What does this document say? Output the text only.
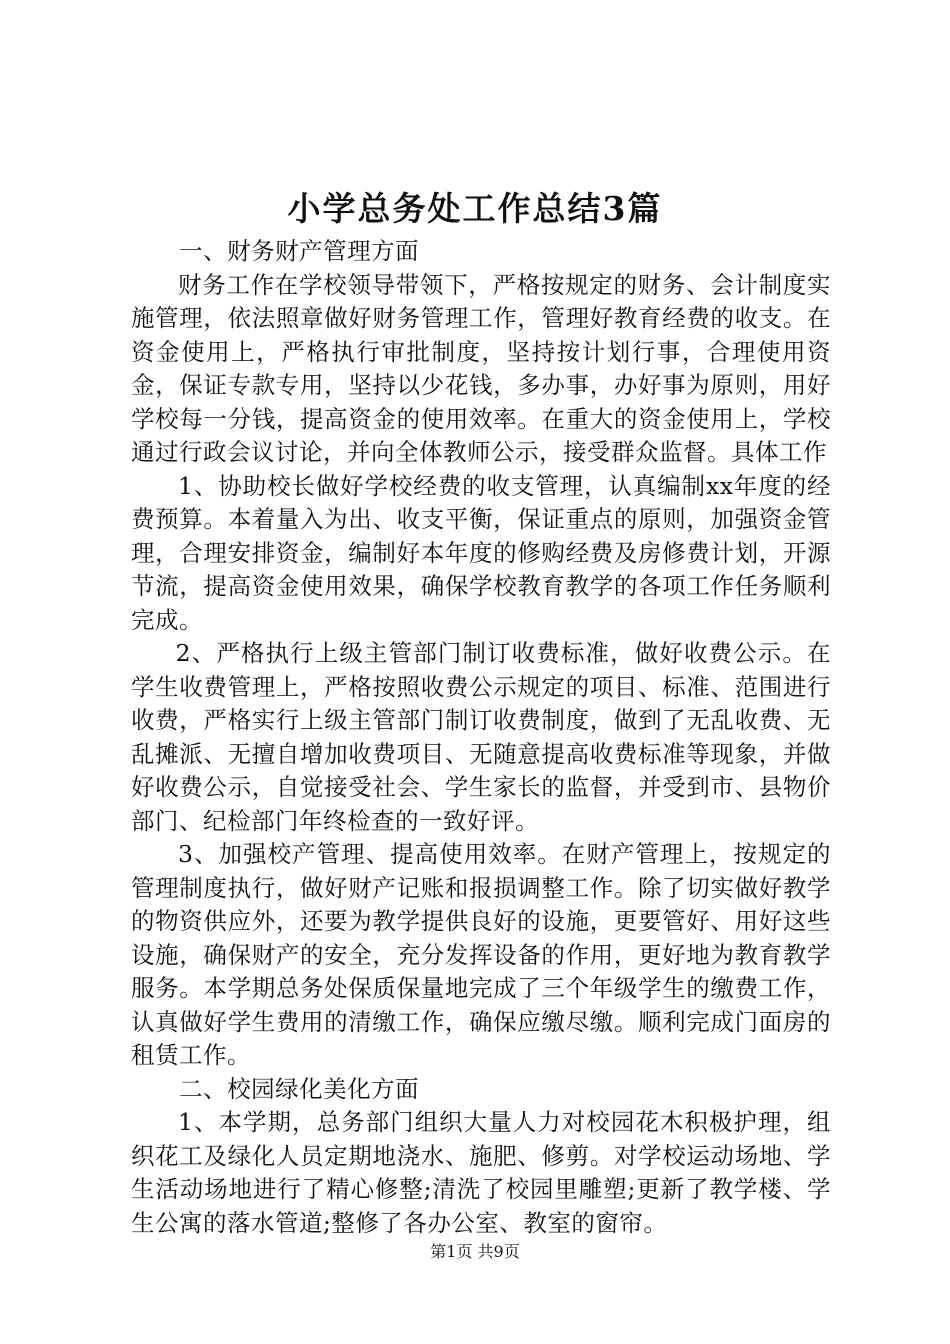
小学总务处工作总结3篇

一、财务财产管理方面

财务工作在学校领导带领下，严格按规定的财务、会计制度实施管理，依法照章做好财务管理工作，管理好教育经费的收支。在资金使用上，严格执行审批制度，坚持按计划行事，合理使用资金，保证专款专用，坚持以少花钱，多办事，办好事为原则，用好学校每一分钱，提高资金的使用效率。在重大的资金使用上，学校通过行政会议讨论，并向全体教师公示，接受群众监督。具体工作

1、协助校长做好学校经费的收支管理，认真编制xx年度的经费预算。本着量入为出、收支平衡，保证重点的原则，加强资金管理，合理安排资金，编制好本年度的修购经费及房修费计划，开源节流，提高资金使用效果，确保学校教育教学的各项工作任务顺利完成。

2、严格执行上级主管部门制订收费标准，做好收费公示。在学生收费管理上，严格按照收费公示规定的项目、标准、范围进行收费，严格实行上级主管部门制订收费制度，做到了无乱收费、无乱摊派、无擅自增加收费项目、无随意提高收费标准等现象，并做好收费公示，自觉接受社会、学生家长的监督，并受到市、县物价部门、纪检部门年终检查的一致好评。

3、加强校产管理、提高使用效率。在财产管理上，按规定的管理制度执行，做好财产记账和报损调整工作。除了切实做好教学的物资供应外，还要为教学提供良好的设施，更要管好、用好这些设施，确保财产的安全，充分发挥设备的作用，更好地为教育教学服务。本学期总务处保质保量地完成了三个年级学生的缴费工作，认真做好学生费用的清缴工作，确保应缴尽缴。顺利完成门面房的租赁工作。

二、校园绿化美化方面

1、本学期，总务部门组织大量人力对校园花木积极护理，组织花工及绿化人员定期地浇水、施肥、修剪。对学校运动场地、学生活动场地进行了精心修整;清洗了校园里雕塑;更新了教学楼、学生公寓的落水管道;整修了各办公室、教室的窗帘。

第1页 共9页
